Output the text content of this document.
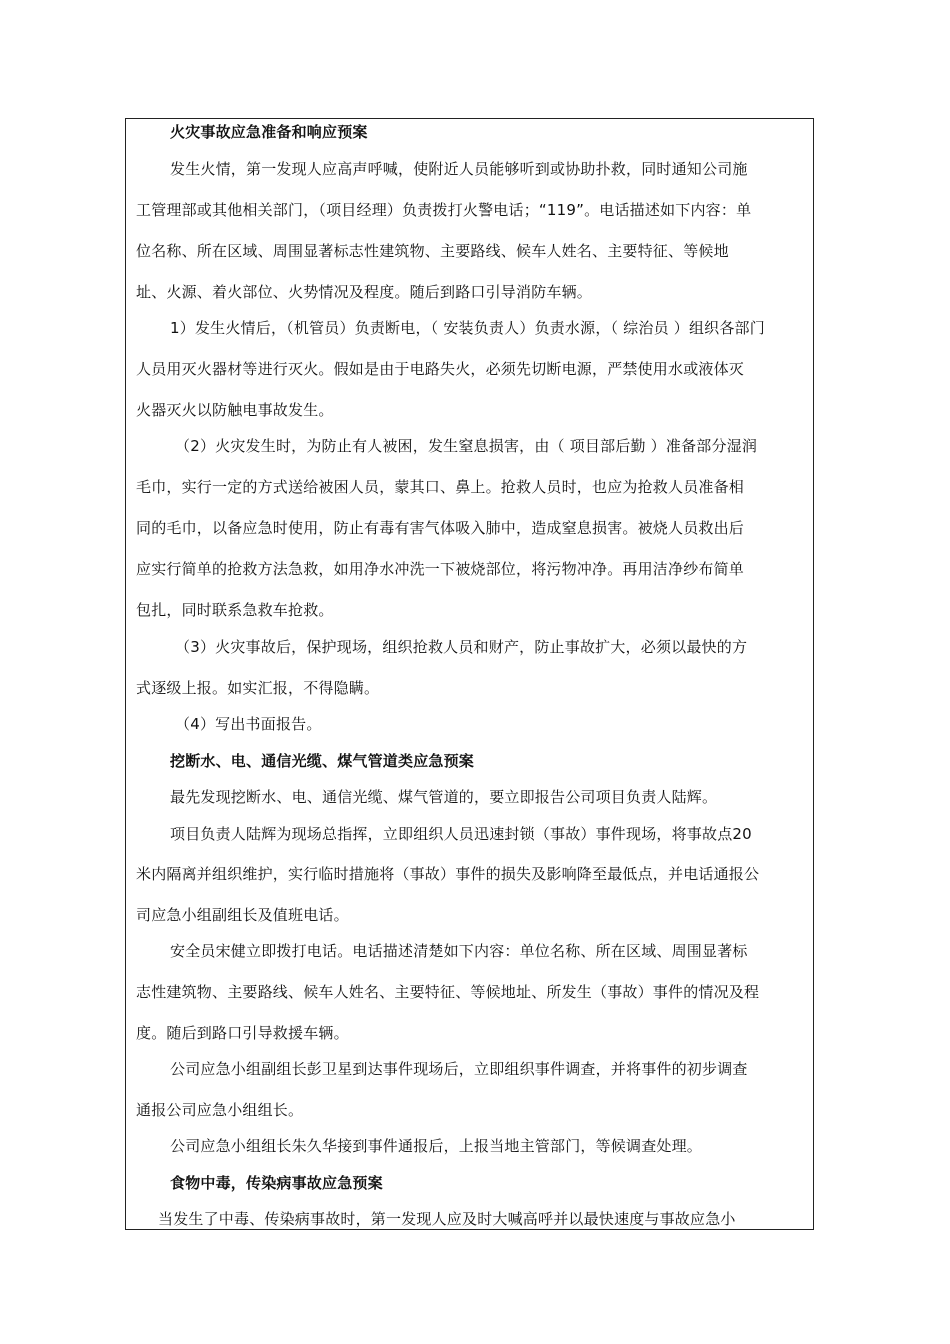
火灾事故应急准备和响应预案
发生火情，第一发现人应高声呼喊，使附近人员能够听到或协助扑救，同时通知公司施
工管理部或其他相关部门，（项目经理）负责拨打火警电话；“119”。电话描述如下内容：单
位名称、所在区域、周围显著标志性建筑物、主要路线、候车人姓名、主要特征、等候地
址、火源、着火部位、火势情况及程度。随后到路口引导消防车辆。
1）发生火情后，（机管员）负责断电，（ 安装负责人）负责水源，（ 综治员 ）组织各部门
人员用灭火器材等进行灭火。假如是由于电路失火，必须先切断电源，严禁使用水或液体灭
火器灭火以防触电事故发生。
（2）火灾发生时，为防止有人被困，发生窒息损害，由（ 项目部后勤 ）准备部分湿润
毛巾，实行一定的方式送给被困人员，蒙其口、鼻上。抢救人员时，也应为抢救人员准备相
同的毛巾，以备应急时使用，防止有毒有害气体吸入肺中，造成窒息损害。被烧人员救出后
应实行简单的抢救方法急救，如用净水冲洗一下被烧部位，将污物冲净。再用洁净纱布简单
包扎，同时联系急救车抢救。
（3）火灾事故后，保护现场，组织抢救人员和财产，防止事故扩大，必须以最快的方
式逐级上报。如实汇报，不得隐瞒。
（4）写出书面报告。
挖断水、电、通信光缆、煤气管道类应急预案
最先发现挖断水、电、通信光缆、煤气管道的，要立即报告公司项目负责人陆辉。
项目负责人陆辉为现场总指挥，立即组织人员迅速封锁（事故）事件现场，将事故点20
米内隔离并组织维护，实行临时措施将（事故）事件的损失及影响降至最低点，并电话通报公
司应急小组副组长及值班电话。
安全员宋健立即拨打电话。电话描述清楚如下内容：单位名称、所在区域、周围显著标
志性建筑物、主要路线、候车人姓名、主要特征、等候地址、所发生（事故）事件的情况及程
度。随后到路口引导救援车辆。
公司应急小组副组长彭卫星到达事件现场后，立即组织事件调查，并将事件的初步调查
通报公司应急小组组长。
公司应急小组组长朱久华接到事件通报后，上报当地主管部门，等候调查处理。
食物中毒，传染病事故应急预案
当发生了中毒、传染病事故时，第一发现人应及时大喊高呼并以最快速度与事故应急小
